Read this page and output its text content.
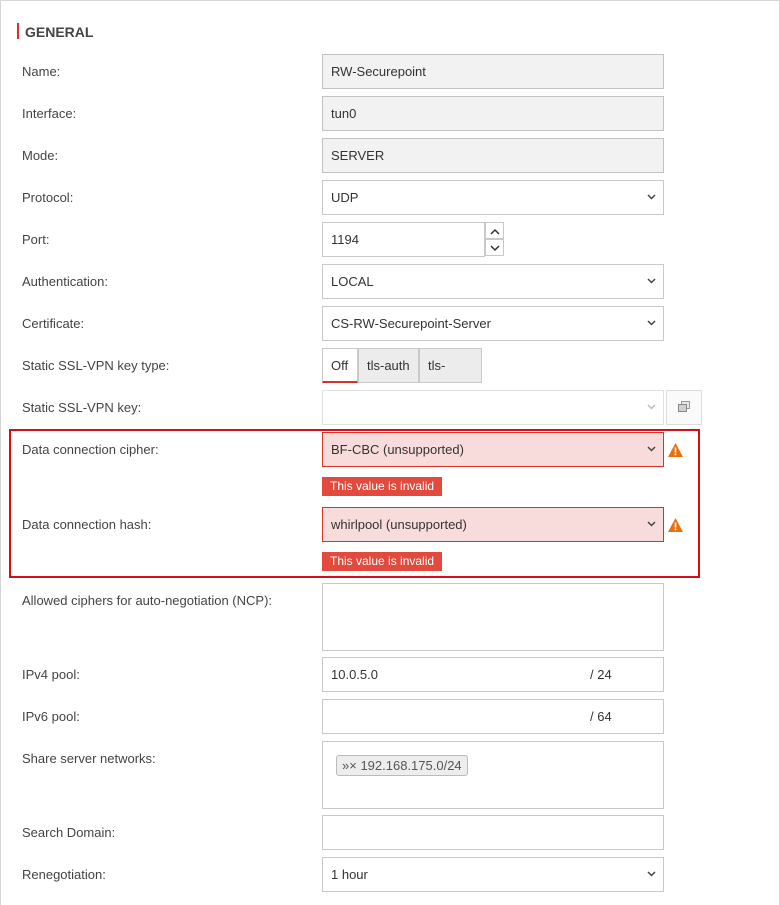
GENERAL
Name:	RW-Securepoint
Interface:	tun0
Mode:	SERVER
Protocol:	UDP
Port:	1194
Authentication:	LOCAL
Certificate:	CS-RW-Securepoint-Server
Static SSL-VPN key type:	Off	tls-auth	tls-
Static SSL-VPN key:
Data connection cipher:	BF-CBC (unsupported)
This value is invalid
Data connection hash:	whirlpool (unsupported)
This value is invalid
Allowed ciphers for auto-negotiation (NCP):
IPv4 pool:	10.0.5.0	/ 24
IPv6 pool:	/ 64
Share server networks:	»× 192.168.175.0/24
Search Domain:
Renegotiation:	1 hour
